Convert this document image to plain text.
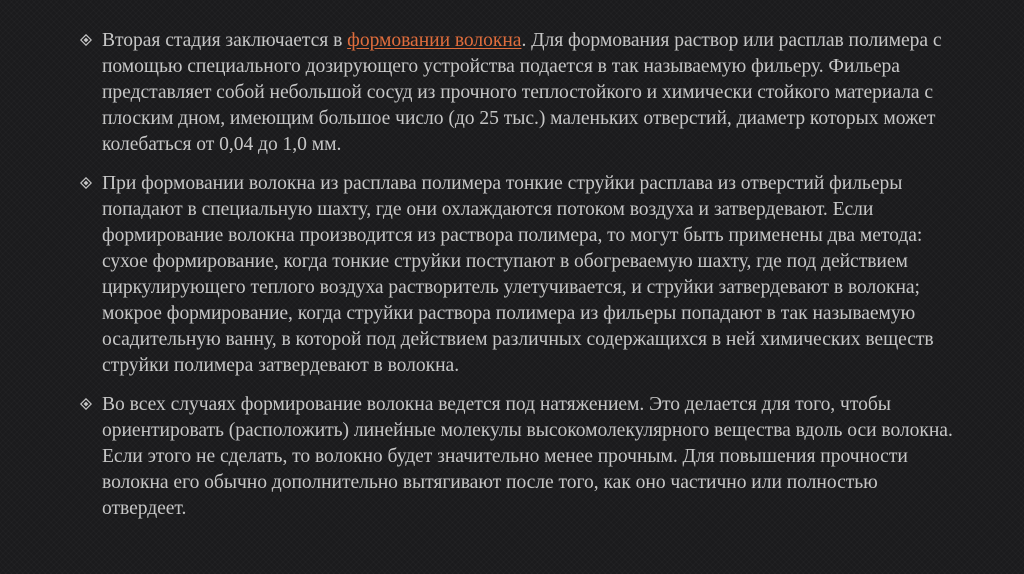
Вторая стадия заключается в формовании волокна. Для формования раствор или расплав полимера с помощью специального дозирующего устройства подается в так называемую фильеру. Фильера представляет собой небольшой сосуд из прочного теплостойкого и химически стойкого материала с плоским дном, имеющим большое число (до 25 тыс.) маленьких отверстий, диаметр которых может колебаться от 0,04 до 1,0 мм.
При формовании волокна из расплава полимера тонкие струйки расплава из отверстий фильеры попадают в специальную шахту, где они охлаждаются потоком воздуха и затвердевают. Если формирование волокна производится из раствора полимера, то могут быть применены два метода: сухое формирование, когда тонкие струйки поступают в обогреваемую шахту, где под действием циркулирующего теплого воздуха растворитель улетучивается, и струйки затвердевают в волокна; мокрое формирование, когда струйки раствора полимера из фильеры попадают в так называемую осадительную ванну, в которой под действием различных содержащихся в ней химических веществ струйки полимера затвердевают в волокна.
Во всех случаях формирование волокна ведется под натяжением. Это делается для того, чтобы ориентировать (расположить) линейные молекулы высокомолекулярного вещества вдоль оси волокна. Если этого не сделать, то волокно будет значительно менее прочным. Для повышения прочности волокна его обычно дополнительно вытягивают после того, как оно частично или полностью отвердеет.
